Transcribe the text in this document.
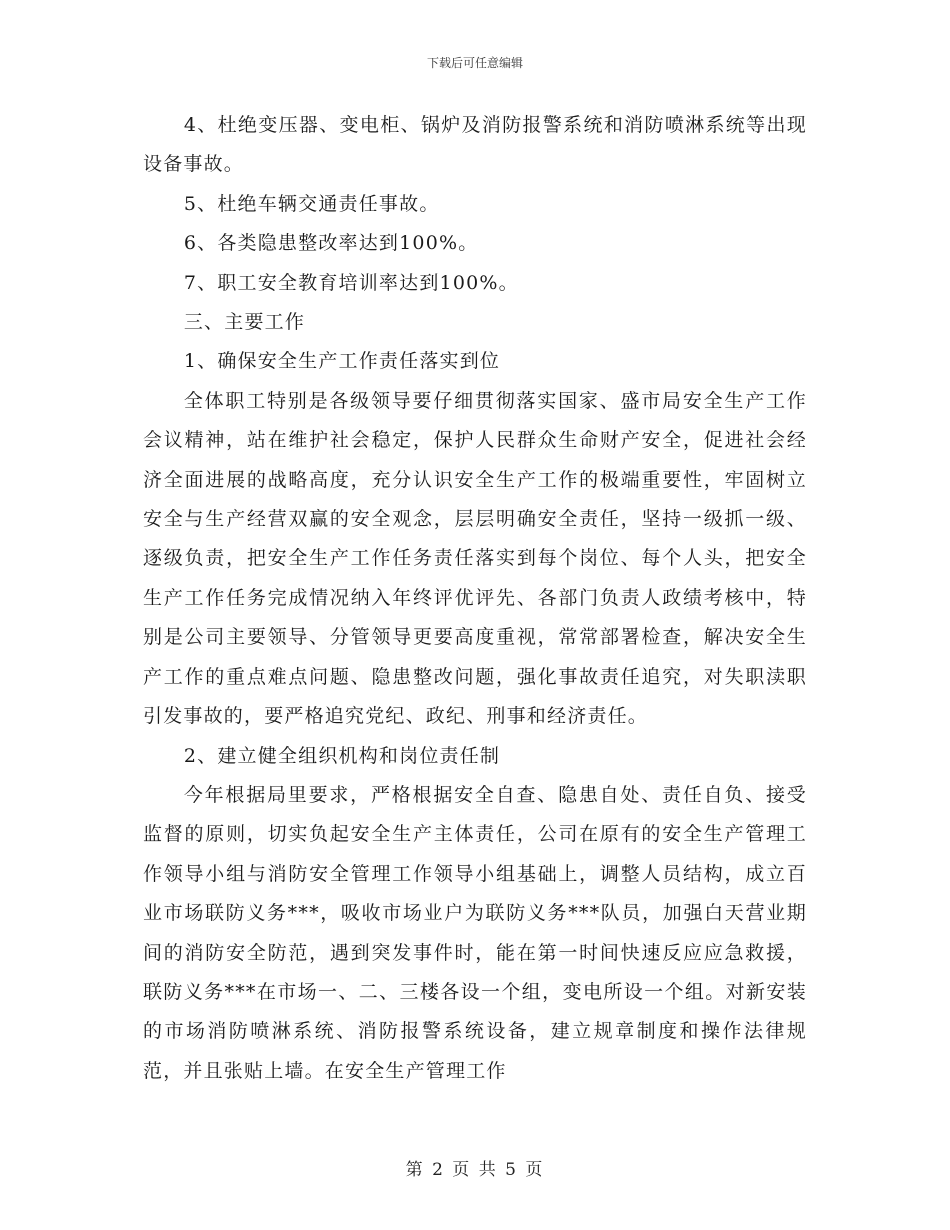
下载后可任意编辑

4、杜绝变压器、变电柜、锅炉及消防报警系统和消防喷淋系统等出现设备事故。

5、杜绝车辆交通责任事故。

6、各类隐患整改率达到100%。

7、职工安全教育培训率达到100%。

三、主要工作

1、确保安全生产工作责任落实到位

全体职工特别是各级领导要仔细贯彻落实国家、盛市局安全生产工作会议精神，站在维护社会稳定，保护人民群众生命财产安全，促进社会经济全面进展的战略高度，充分认识安全生产工作的极端重要性，牢固树立安全与生产经营双赢的安全观念，层层明确安全责任，坚持一级抓一级、逐级负责，把安全生产工作任务责任落实到每个岗位、每个人头，把安全生产工作任务完成情况纳入年终评优评先、各部门负责人政绩考核中，特别是公司主要领导、分管领导更要高度重视，常常部署检查，解决安全生产工作的重点难点问题、隐患整改问题，强化事故责任追究，对失职渎职引发事故的，要严格追究党纪、政纪、刑事和经济责任。

2、建立健全组织机构和岗位责任制

今年根据局里要求，严格根据安全自查、隐患自处、责任自负、接受监督的原则，切实负起安全生产主体责任，公司在原有的安全生产管理工作领导小组与消防安全管理工作领导小组基础上，调整人员结构，成立百业市场联防义务***，吸收市场业户为联防义务***队员，加强白天营业期间的消防安全防范，遇到突发事件时，能在第一时间快速反应应急救援，联防义务***在市场一、二、三楼各设一个组，变电所设一个组。对新安装的市场消防喷淋系统、消防报警系统设备，建立规章制度和操作法律规范，并且张贴上墙。在安全生产管理工作

第 2 页 共 5 页
